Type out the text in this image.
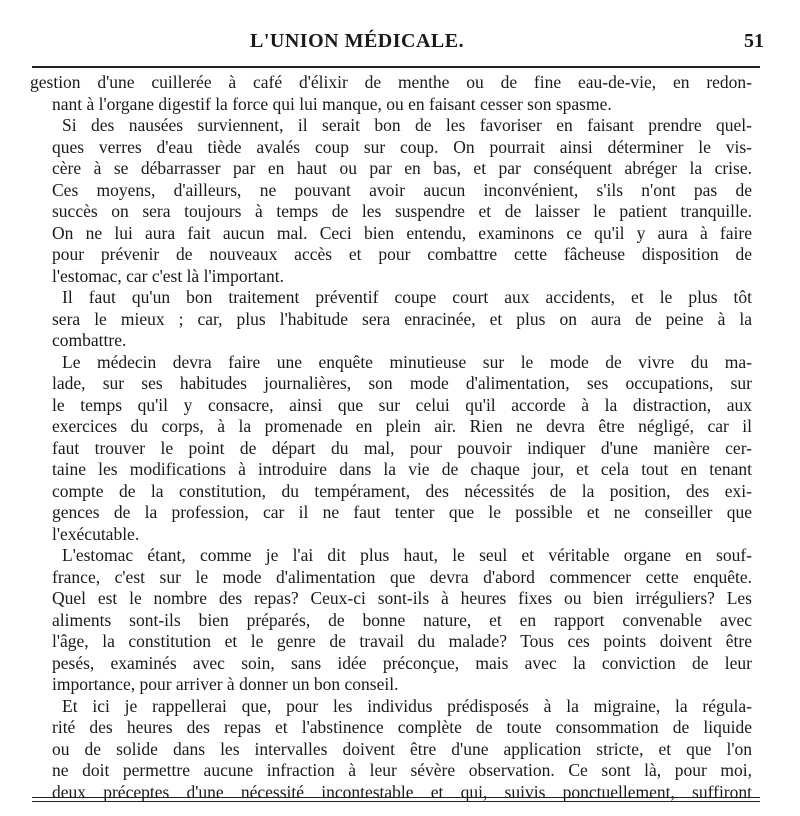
L'UNION MÉDICALE.	51
gestion d'une cuillerée à café d'élixir de menthe ou de fine eau-de-vie, en redon-
nant à l'organe digestif la force qui lui manque, ou en faisant cesser son spasme.
Si des nausées surviennent, il serait bon de les favoriser en faisant prendre quel-
ques verres d'eau tiède avalés coup sur coup. On pourrait ainsi déterminer le vis-
cère à se débarrasser par en haut ou par en bas, et par conséquent abréger la crise.
Ces moyens, d'ailleurs, ne pouvant avoir aucun inconvénient, s'ils n'ont pas de
succès on sera toujours à temps de les suspendre et de laisser le patient tranquille.
On ne lui aura fait aucun mal. Ceci bien entendu, examinons ce qu'il y aura à faire
pour prévenir de nouveaux accès et pour combattre cette fâcheuse disposition de
l'estomac, car c'est là l'important.
Il faut qu'un bon traitement préventif coupe court aux accidents, et le plus tôt
sera le mieux ; car, plus l'habitude sera enracinée, et plus on aura de peine à la
combattre.
Le médecin devra faire une enquête minutieuse sur le mode de vivre du ma-
lade, sur ses habitudes journalières, son mode d'alimentation, ses occupations, sur
le temps qu'il y consacre, ainsi que sur celui qu'il accorde à la distraction, aux
exercices du corps, à la promenade en plein air. Rien ne devra être négligé, car il
faut trouver le point de départ du mal, pour pouvoir indiquer d'une manière cer-
taine les modifications à introduire dans la vie de chaque jour, et cela tout en tenant
compte de la constitution, du tempérament, des nécessités de la position, des exi-
gences de la profession, car il ne faut tenter que le possible et ne conseiller que
l'exécutable.
L'estomac étant, comme je l'ai dit plus haut, le seul et véritable organe en souf-
france, c'est sur le mode d'alimentation que devra d'abord commencer cette enquête.
Quel est le nombre des repas? Ceux-ci sont-ils à heures fixes ou bien irréguliers? Les
aliments sont-ils bien préparés, de bonne nature, et en rapport convenable avec
l'âge, la constitution et le genre de travail du malade? Tous ces points doivent être
pesés, examinés avec soin, sans idée préconçue, mais avec la conviction de leur
importance, pour arriver à donner un bon conseil.
Et ici je rappellerai que, pour les individus prédisposés à la migraine, la régula-
rité des heures des repas et l'abstinence complète de toute consommation de liquide
ou de solide dans les intervalles doivent être d'une application stricte, et que l'on
ne doit permettre aucune infraction à leur sévère observation. Ce sont là, pour moi,
deux préceptes d'une nécessité incontestable et qui, suivis ponctuellement, suffiront
